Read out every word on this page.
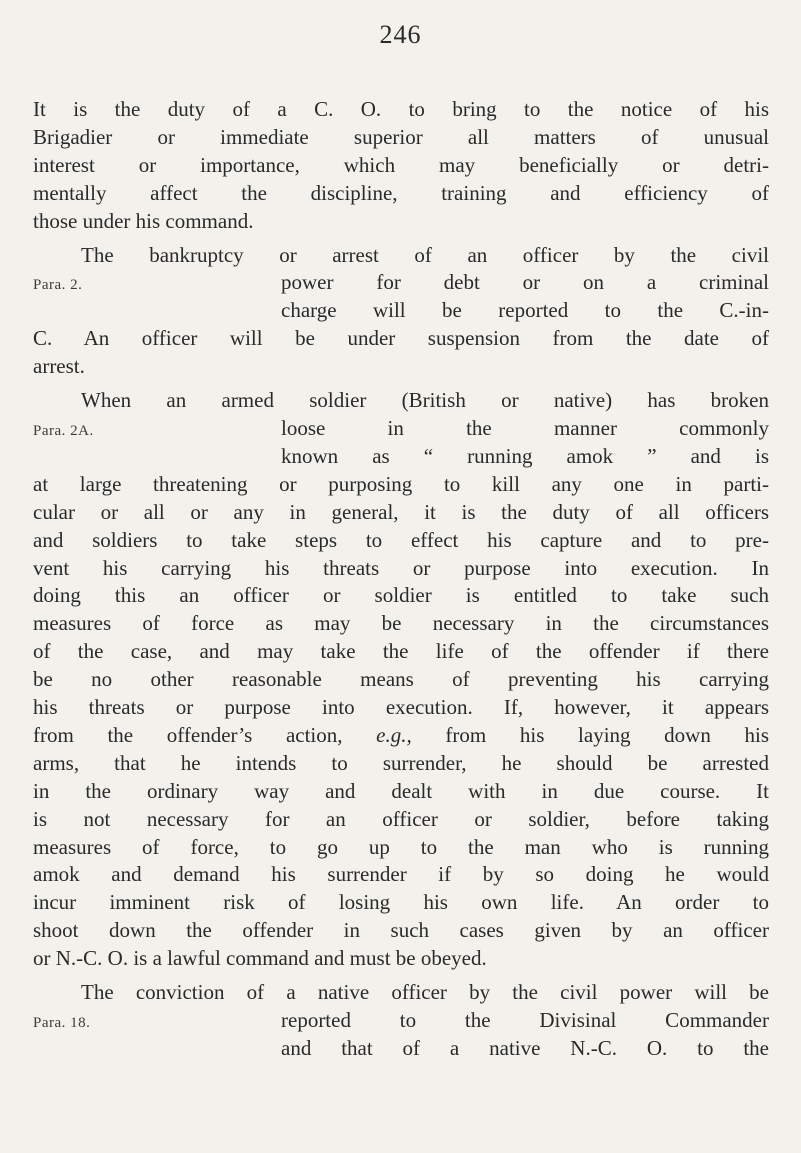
246
It is the duty of a C. O. to bring to the notice of his
Brigadier or immediate superior all matters of unusual
interest or importance, which may beneficially or detri-
mentally affect the discipline, training and efficiency of
those under his command.
The bankruptcy or arrest of an officer by the civil
Para. 2.	power for debt or on a criminal
charge will be reported to the C.-in-
C. An officer will be under suspension from the date of
arrest.
When an armed soldier (British or native) has broken
Para. 2A.	loose in the manner commonly
known as “ running amok ” and is
at large threatening or purposing to kill any one in parti-
cular or all or any in general, it is the duty of all officers
and soldiers to take steps to effect his capture and to pre-
vent his carrying his threats or purpose into execution. In
doing this an officer or soldier is entitled to take such
measures of force as may be necessary in the circumstances
of the case, and may take the life of the offender if there
be no other reasonable means of preventing his carrying
his threats or purpose into execution. If, however, it appears
from the offender’s action, e.g., from his laying down his
arms, that he intends to surrender, he should be arrested
in the ordinary way and dealt with in due course. It
is not necessary for an officer or soldier, before taking
measures of force, to go up to the man who is running
amok and demand his surrender if by so doing he would
incur imminent risk of losing his own life. An order to
shoot down the offender in such cases given by an officer
or N.-C. O. is a lawful command and must be obeyed.
The conviction of a native officer by the civil power will be
Para. 18.	reported to the Divisinal Commander
and that of a native N.-C. O. to the
